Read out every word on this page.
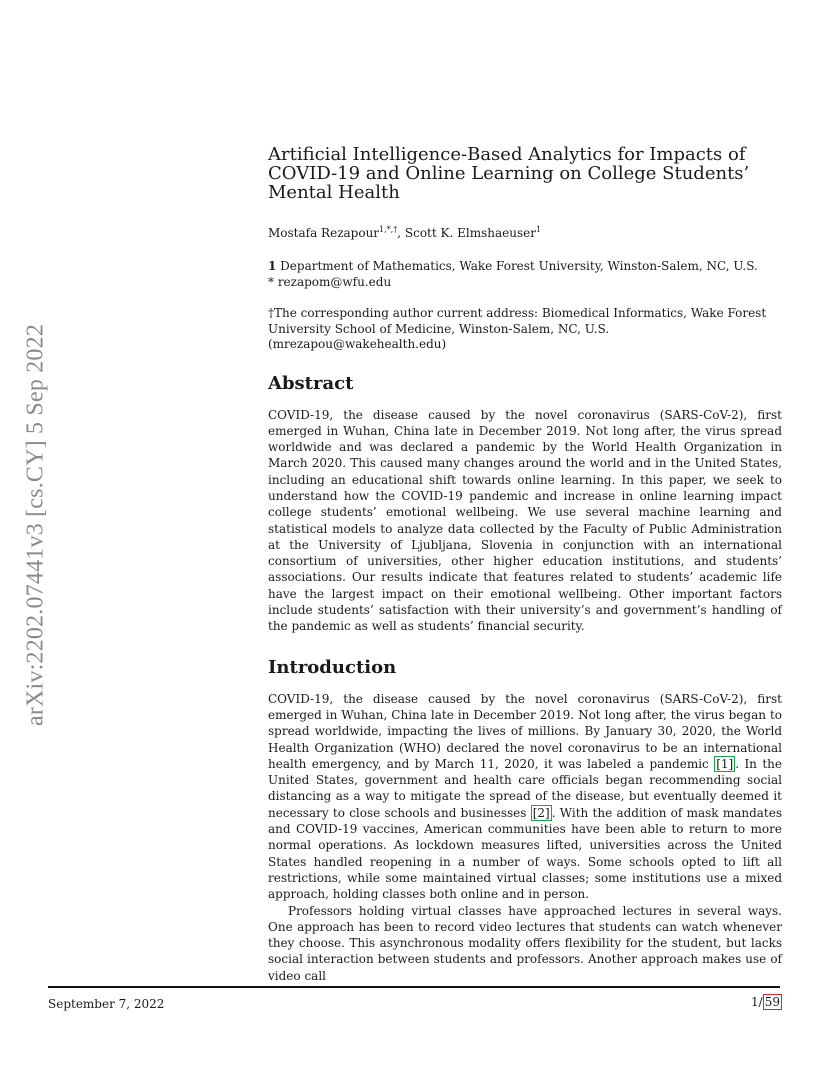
arXiv:2202.07441v3 [cs.CY] 5 Sep 2022
Artificial Intelligence-Based Analytics for Impacts of COVID-19 and Online Learning on College Students’ Mental Health
Mostafa Rezapour$^{1,*,\dagger}$, Scott K. Elmshaeuser$^1$
1 Department of Mathematics, Wake Forest University, Winston-Salem, NC, U.S.
* rezapom@wfu.edu
†The corresponding author current address: Biomedical Informatics, Wake Forest University School of Medicine, Winston-Salem, NC, U.S. (mrezapou@wakehealth.edu)
Abstract

COVID-19, the disease caused by the novel coronavirus (SARS-CoV-2), first emerged in Wuhan, China late in December 2019. Not long after, the virus spread worldwide and was declared a pandemic by the World Health Organization in March 2020. This caused many changes around the world and in the United States, including an educational shift towards online learning. In this paper, we seek to understand how the COVID-19 pandemic and increase in online learning impact college students’ emotional wellbeing. We use several machine learning and statistical models to analyze data collected by the Faculty of Public Administration at the University of Ljubljana, Slovenia in conjunction with an international consortium of universities, other higher education institutions, and students’ associations. Our results indicate that features related to students’ academic life have the largest impact on their emotional wellbeing. Other important factors include students’ satisfaction with their university’s and government’s handling of the pandemic as well as students’ financial security.

Introduction

COVID-19, the disease caused by the novel coronavirus (SARS-CoV-2), first emerged in Wuhan, China late in December 2019. Not long after, the virus began to spread worldwide, impacting the lives of millions. By January 30, 2020, the World Health Organization (WHO) declared the novel coronavirus to be an international health emergency, and by March 11, 2020, it was labeled a pandemic [1] . In the United States, government and health care officials began recommending social distancing as a way to mitigate the spread of the disease, but eventually deemed it necessary to close schools and businesses [2] . With the addition of mask mandates and COVID-19 vaccines, American communities have been able to return to more normal operations. As lockdown measures lifted, universities across the United States handled reopening in a number of ways. Some schools opted to lift all restrictions, while some maintained virtual classes; some institutions use a mixed approach, holding classes both online and in person.

Professors holding virtual classes have approached lectures in several ways. One approach has been to record video lectures that students can watch whenever they choose. This asynchronous modality offers flexibility for the student, but lacks social interaction between students and professors. Another approach makes use of video call

September 7, 2022	1/ 59
